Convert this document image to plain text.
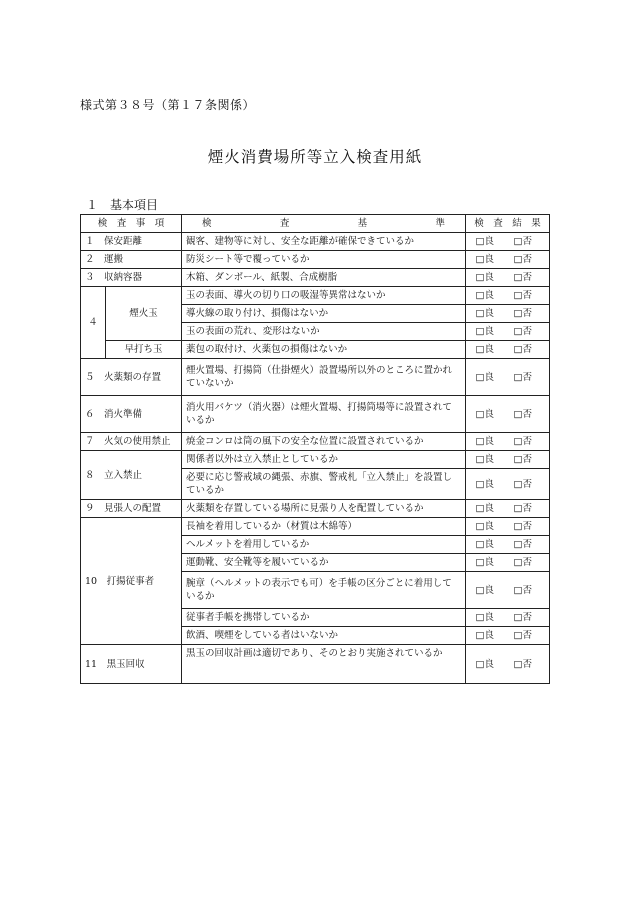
様式第３８号（第１７条関係）
煙火消費場所等立入検査用紙
１　基本項目
検　査　事　項		検 査 基 準	検　査　結　果
１　保安距離		観客、建物等に対し、安全な距離が確保できているか	□良 □否
２　運搬		防災シート等で覆っているか	□良 □否
３　収納容器		木箱、ダンボール、紙製、合成樹脂	□良 □否
４	煙火玉	玉の表面、導火の切り口の吸湿等異常はないか	□良 □否
		導火線の取り付け、損傷はないか	□良 □否
		玉の表面の荒れ、変形はないか	□良 □否
	早打ち玉	薬包の取付け、火薬包の損傷はないか	□良 □否
５　火薬類の存置		煙火置場、打揚筒（仕掛煙火）設置場所以外のところに置かれていないか	□良 □否
６　消火準備		消火用バケツ（消火器）は煙火置場、打揚筒場等に設置されているか	□良 □否
７　火気の使用禁止		焼金コンロは筒の風下の安全な位置に設置されているか	□良 □否
８　立入禁止		関係者以外は立入禁止としているか	□良 □否
		必要に応じ警戒域の縄張、赤旗、警戒札「立入禁止」を設置しているか	□良 □否
９　見張人の配置		火薬類を存置している場所に見張り人を配置しているか	□良 □否
10　打揚従事者		長袖を着用しているか（材質は木綿等）	□良 □否
		ヘルメットを着用しているか	□良 □否
		運動靴、安全靴等を履いているか	□良 □否
		腕章（ヘルメットの表示でも可）を手帳の区分ごとに着用しているか	□良 □否
		従事者手帳を携帯しているか	□良 □否
		飲酒、喫煙をしている者はいないか	□良 □否
11　黒玉回収		黒玉の回収計画は適切であり、そのとおり実施されているか	□良 □否
